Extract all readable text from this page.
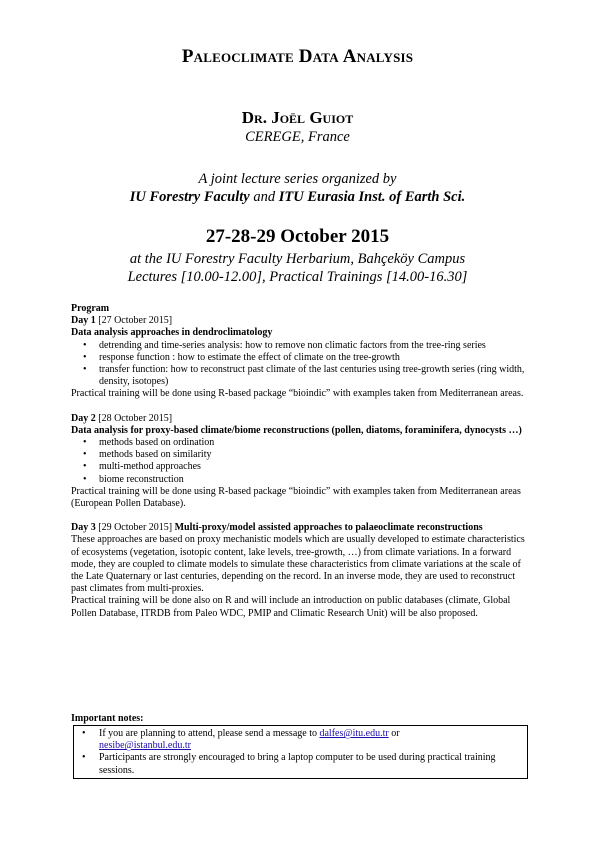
Paleoclimate Data Analysis
Dr. Joël Guiot
CEREGE, France
A joint lecture series organized by
IU Forestry Faculty and ITU Eurasia Inst. of Earth Sci.
27-28-29 October 2015
at the IU Forestry Faculty Herbarium, Bahçeköy Campus
Lectures [10.00-12.00], Practical Trainings [14.00-16.30]

Program

Day 1 [27 October 2015]

Data analysis approaches in dendroclimatology

• detrending and time-series analysis: how to remove non climatic factors from the tree-ring series
• response function : how to estimate the effect of climate on the tree-growth
• transfer function: how to reconstruct past climate of the last centuries using tree-growth series (ring width, density, isotopes)

Practical training will be done using R-based package “bioindic” with examples taken from Mediterranean areas.

Day 2 [28 October 2015]

Data analysis for proxy-based climate/biome reconstructions (pollen, diatoms, foraminifera, dynocysts …)

• methods based on ordination
• methods based on similarity
• multi-method approaches
• biome reconstruction

Practical training will be done using R-based package “bioindic” with examples taken from Mediterranean areas (European Pollen Database).

Day 3 [29 October 2015] Multi-proxy/model assisted approaches to palaeoclimate reconstructions

These approaches are based on proxy mechanistic models which are usually developed to estimate characteristics of ecosystems (vegetation, isotopic content, lake levels, tree-growth, …) from climate variations. In a forward mode, they are coupled to climate models to simulate these characteristics from climate variations at the scale of the Late Quaternary or last centuries, depending on the record. In an inverse mode, they are used to reconstruct past climates from multi-proxies.

Practical training will be done also on R and will include an introduction on public databases (climate, Global Pollen Database, ITRDB from Paleo WDC, PMIP and Climatic Research Unit) will be also proposed.

Important notes:
• If you are planning to attend, please send a message to dalfes@itu.edu.tr or
nesibe@istanbul.edu.tr
• Participants are strongly encouraged to bring a laptop computer to be used during practical training sessions.
